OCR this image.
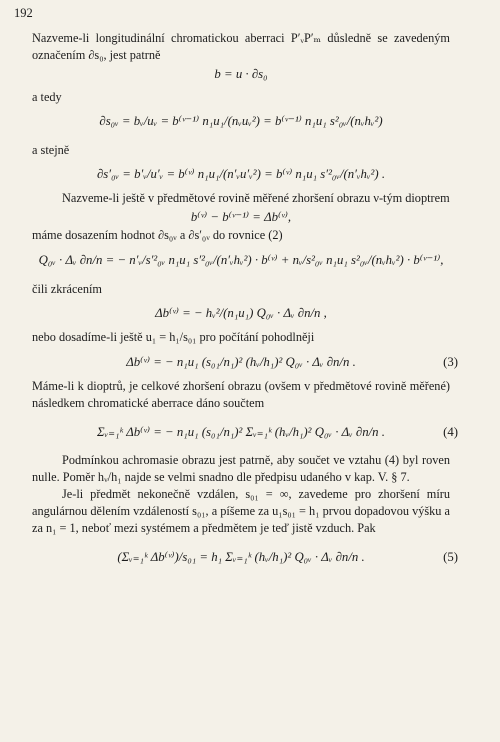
192

Nazveme-li longitudinální chromatickou aberraci P′ᵥP′ₘ důsledně se zavedeným označením ∂s₀, jest patrně

b = u · ∂s₀

a tedy

∂s₀ᵥ = bᵥ/uᵥ = b⁽ᵛ⁻¹⁾ n₁u₁/(nᵥuᵥ²) = b⁽ᵛ⁻¹⁾ n₁u₁ s²₀ᵥ/(nᵥhᵥ²)

a stejně

∂s′₀ᵥ = b′ᵥ/u′ᵥ = b⁽ᵛ⁾ n₁u₁/(n′ᵥu′ᵥ²) = b⁽ᵛ⁾ n₁u₁ s′²₀ᵥ/(n′ᵥhᵥ²) .

Nazveme-li ještě v předmětové rovině měřené zhoršení obrazu ν-tým dioptrem

b⁽ᵛ⁾ − b⁽ᵛ⁻¹⁾ = Δb⁽ᵛ⁾,

máme dosazením hodnot ∂s₀ᵥ a ∂s′₀ᵥ do rovnice (2)

Q₀ᵥ · Δᵥ ∂n/n = − n′ᵥ/s′²₀ᵥ n₁u₁ s′²₀ᵥ/(n′ᵥhᵥ²) · b⁽ᵛ⁾ + nᵥ/s²₀ᵥ n₁u₁ s²₀ᵥ/(nᵥhᵥ²) · b⁽ᵛ⁻¹⁾,

čili zkrácením

Δb⁽ᵛ⁾ = − hᵥ²/(n₁u₁) Q₀ᵥ · Δᵥ ∂n/n ,

nebo dosadíme-li ještě u₁ = h₁/s₀₁ pro počítání pohodlněji

Δb⁽ᵛ⁾ = − n₁u₁ (s₀₁/n₁)² (hᵥ/h₁)² Q₀ᵥ · Δᵥ ∂n/n .	(3)

Máme-li k dioptrů, je celkové zhoršení obrazu (ovšem v předmětové rovině měřené) následkem chromatické aberrace dáno součtem

Σᵥ₌₁ᵏ Δb⁽ᵛ⁾ = − n₁u₁ (s₀₁/n₁)² Σᵥ₌₁ᵏ (hᵥ/h₁)² Q₀ᵥ · Δᵥ ∂n/n .	(4)

Podmínkou achromasie obrazu jest patrně, aby součet ve vztahu (4) byl roven nulle. Poměr hᵥ/h₁ najde se velmi snadno dle předpisu udaného v kap. V. § 7.

Je-li předmět nekonečně vzdálen, s₀₁ = ∞, zavedeme pro zhoršení míru angulárnou dělením vzdáleností s₀₁, a píšeme za u₁s₀₁ = h₁ prvou dopadovou výšku a za n₁ = 1, neboť mezi systémem a předmětem je teď jistě vzduch. Pak

(Σᵥ₌₁ᵏ Δb⁽ᵛ⁾)/s₀₁ = h₁ Σᵥ₌₁ᵏ (hᵥ/h₁)² Q₀ᵥ · Δᵥ ∂n/n .	(5)
